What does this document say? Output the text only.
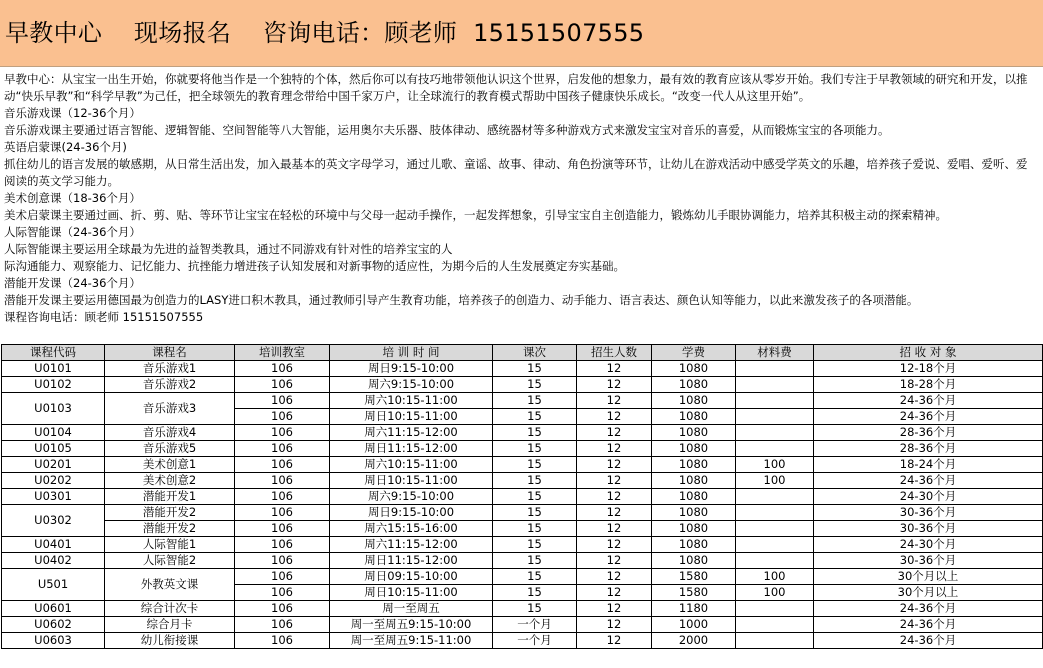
早教中心    现场报名    咨询电话：顾老师  15151507555

早教中心：从宝宝一出生开始，你就要将他当作是一个独特的个体，然后你可以有技巧地带领他认识这个世界，启发他的想象力，最有效的教育应该从零岁开始。我们专注于早教领域的研究和开发，以推动“快乐早教”和“科学早教”为己任，把全球领先的教育理念带给中国千家万户，让全球流行的教育模式帮助中国孩子健康快乐成长。“改变一代人从这里开始”。

音乐游戏课（12-36个月）

音乐游戏课主要通过语言智能、逻辑智能、空间智能等八大智能，运用奥尔夫乐器、肢体律动、感统器材等多种游戏方式来激发宝宝对音乐的喜爱，从而锻炼宝宝的各项能力。

英语启蒙课(24-36个月)

抓住幼儿的语言发展的敏感期，从日常生活出发，加入最基本的英文字母学习，通过儿歌、童谣、故事、律动、角色扮演等环节，让幼儿在游戏活动中感受学英文的乐趣，培养孩子爱说、爱唱、爱听、爱阅读的英文学习能力。

美术创意课（18-36个月）

美术启蒙课主要通过画、折、剪、贴、等环节让宝宝在轻松的环境中与父母一起动手操作，一起发挥想象，引导宝宝自主创造能力，锻炼幼儿手眼协调能力，培养其积极主动的探索精神。

人际智能课（24-36个月）

人际智能课主要运用全球最为先进的益智类教具，通过不同游戏有针对性的培养宝宝的人

际沟通能力、观察能力、记忆能力、抗挫能力增进孩子认知发展和对新事物的适应性，为期今后的人生发展奠定夯实基础。

潜能开发课（24-36个月）

潜能开发课主要运用德国最为创造力的LASY进口积木教具，通过教师引导产生教育功能，培养孩子的创造力、动手能力、语言表达、颜色认知等能力，以此来激发孩子的各项潜能。

课程咨询电话：顾老师 15151507555

课程代码	课程名	培训教室	培 训 时 间	课次	招生人数	学费	材料费	招 收 对 象
U0101	音乐游戏1	106	周日9:15-10:00	15	12	1080		12-18个月
U0102	音乐游戏2	106	周六9:15-10:00	15	12	1080		18-28个月
U0103	音乐游戏3	106	周六10:15-11:00	15	12	1080		24-36个月
		106	周日10:15-11:00	15	12	1080		24-36个月
U0104	音乐游戏4	106	周六11:15-12:00	15	12	1080		28-36个月
U0105	音乐游戏5	106	周日11:15-12:00	15	12	1080		28-36个月
U0201	美术创意1	106	周六10:15-11:00	15	12	1080	100	18-24个月
U0202	美术创意2	106	周日10:15-11:00	15	12	1080	100	24-36个月
U0301	潜能开发1	106	周六9:15-10:00	15	12	1080		24-30个月
U0302	潜能开发2	106	周日9:15-10:00	15	12	1080		30-36个月
	潜能开发2	106	周六15:15-16:00	15	12	1080		30-36个月
U0401	人际智能1	106	周六11:15-12:00	15	12	1080		24-30个月
U0402	人际智能2	106	周日11:15-12:00	15	12	1080		30-36个月
U501	外教英文课	106	周日09:15-10:00	15	12	1580	100	30个月以上
		106	周日10:15-11:00	15	12	1580	100	30个月以上
U0601	综合计次卡	106	周一至周五	15	12	1180		24-36个月
U0602	综合月卡	106	周一至周五9:15-10:00	一个月	12	1000		24-36个月
U0603	幼儿衔接课	106	周一至周五9:15-11:00	一个月	12	2000		24-36个月
